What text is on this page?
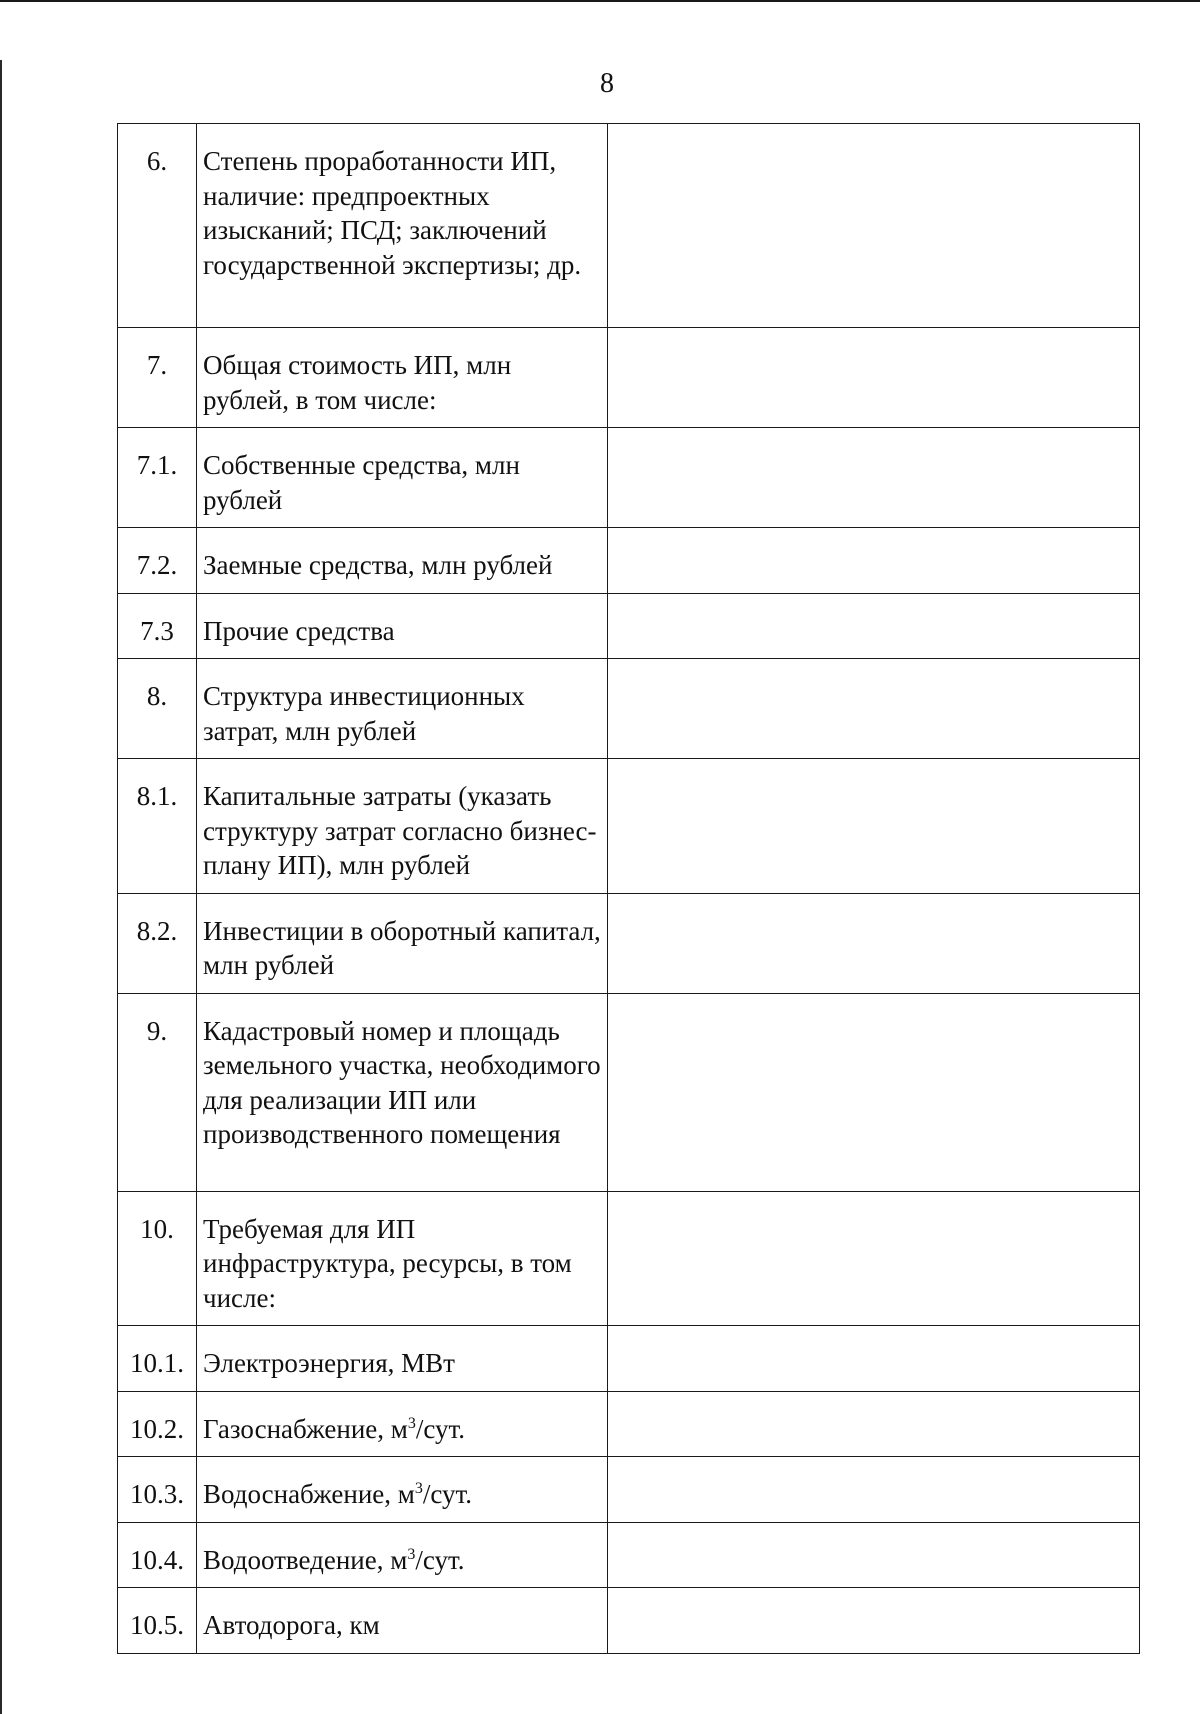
8
6.	Степень проработанности ИП, наличие: предпроектных изысканий; ПСД; заключений государственной экспертизы; др.	
7.	Общая стоимость ИП, млн рублей, в том числе:	
7.1.	Собственные средства, млн рублей	
7.2.	Заемные средства, млн рублей	
7.3	Прочие средства	
8.	Структура инвестиционных затрат, млн рублей	
8.1.	Капитальные затраты (указать структуру затрат согласно бизнес-плану ИП), млн рублей	
8.2.	Инвестиции в оборотный капитал, млн рублей	
9.	Кадастровый номер и площадь земельного участка, необходимого для реализации ИП или производственного помещения	
10.	Требуемая для ИП инфраструктура, ресурсы, в том числе:	
10.1.	Электроэнергия, МВт	
10.2.	Газоснабжение, $м^3$/сут.	
10.3.	Водоснабжение, $м^3$/сут.	
10.4.	Водоотведение, $м^3$/сут.	
10.5.	Автодорога, км	
